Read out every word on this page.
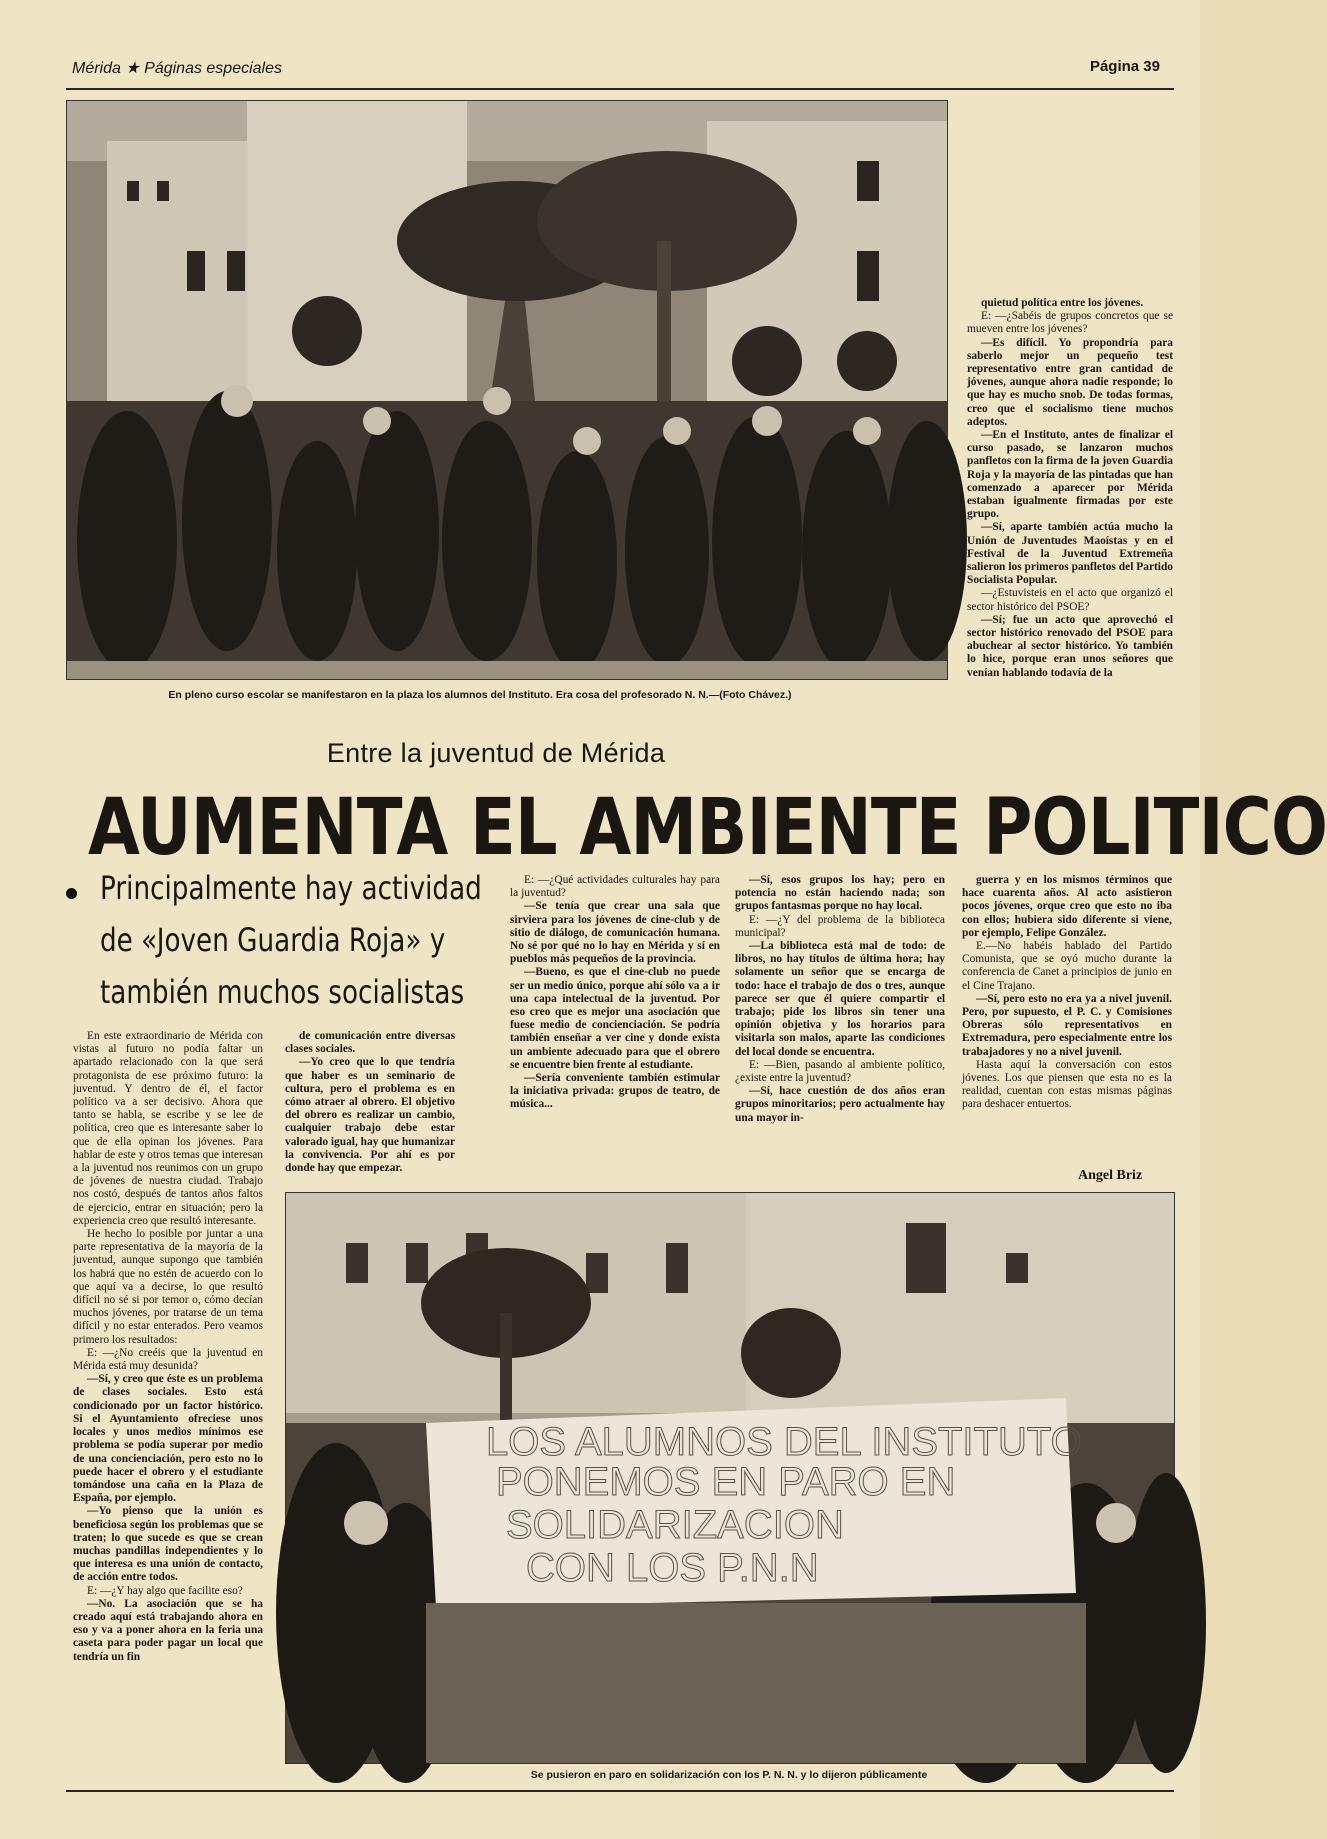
Mérida ★ Páginas especiales	Página 39
En pleno curso escolar se manifestaron en la plaza los alumnos del Instituto. Era cosa del profesorado N. N.—(Foto Chávez.)
Entre la juventud de Mérida

quietud política entre los jóvenes.

E: —¿Sabéis de grupos concretos que se mueven entre los jóvenes?

—Es difícil. Yo propondría para saberlo mejor un pequeño test representativo entre gran cantidad de jóvenes, aunque ahora nadie responde; lo que hay es mucho snob. De todas formas, creo que el socialismo tiene muchos adeptos.

—En el Instituto, antes de finalizar el curso pasado, se lanzaron muchos panfletos con la firma de la joven Guardia Roja y la mayoría de las pintadas que han comenzado a aparecer por Mérida estaban igualmente firmadas por este grupo.

—Sí, aparte también actúa mucho la Unión de Juventudes Maoístas y en el Festival de la Juventud Extremeña salieron los primeros panfletos del Partido Socialista Popular.

—¿Estuvisteis en el acto que organizó el sector histórico del PSOE?

—Sí; fue un acto que aprovechó el sector histórico renovado del PSOE para abuchear al sector histórico. Yo también lo hice, porque eran unos señores que venían hablando todavía de la

AUMENTA EL AMBIENTE POLITICO
Principalmente hay actividad
de «Joven Guardia Roja» y
también muchos socialistas

En este extraordinario de Mérida con vistas al futuro no podía faltar un apartado relacionado con la que será protagonista de ese próximo futuro: la juventud. Y dentro de él, el factor político va a ser decisivo. Ahora que tanto se habla, se escribe y se lee de política, creo que es interesante saber lo que de ella opinan los jóvenes. Para hablar de este y otros temas que interesan a la juventud nos reunimos con un grupo de jóvenes de nuestra ciudad. Trabajo nos costó, después de tantos años faltos de ejercicio, entrar en situación; pero la experiencia creo que resultó interesante.

He hecho lo posible por juntar a una parte representativa de la mayoría de la juventud, aunque supongo que también los habrá que no estén de acuerdo con lo que aquí va a decirse, lo que resultó difícil no sé si por temor o, cómo decían muchos jóvenes, por tratarse de un tema difícil y no estar enterados. Pero veamos primero los resultados:

E: —¿No creéis que la juventud en Mérida está muy desunida?

—Sí, y creo que éste es un problema de clases sociales. Esto está condicionado por un factor histórico. Si el Ayuntamiento ofreciese unos locales y unos medios mínimos ese problema se podía superar por medio de una concienciación, pero esto no lo puede hacer el obrero y el estudiante tomándose una caña en la Plaza de España, por ejemplo.

—Yo pienso que la unión es beneficiosa según los problemas que se traten; lo que sucede es que se crean muchas pandillas independientes y lo que interesa es una unión de contacto, de acción entre todos.

E: —¿Y hay algo que facilite eso?

—No. La asociación que se ha creado aquí está trabajando ahora en eso y va a poner ahora en la feria una caseta para poder pagar un local que tendría un fin

de comunicación entre diversas clases sociales.

—Yo creo que lo que tendría que haber es un seminario de cultura, pero el problema es en cómo atraer al obrero. El objetivo del obrero es realizar un cambio, cualquier trabajo debe estar valorado igual, hay que humanizar la convivencia. Por ahí es por donde hay que empezar.

E: —¿Qué actividades culturales hay para la juventud?

—Se tenía que crear una sala que sirviera para los jóvenes de cine-club y de sitio de diálogo, de comunicación humana. No sé por qué no lo hay en Mérida y sí en pueblos más pequeños de la provincia.

—Bueno, es que el cine-club no puede ser un medio único, porque ahí sólo va a ir una capa intelectual de la juventud. Por eso creo que es mejor una asociación que fuese medio de concienciación. Se podría también enseñar a ver cine y donde exista un ambiente adecuado para que el obrero se encuentre bien frente al estudiante.

—Sería conveniente también estimular la iniciativa privada: grupos de teatro, de música...

—Sí, esos grupos los hay; pero en potencia no están haciendo nada; son grupos fantasmas porque no hay local.

E: —¿Y del problema de la biblioteca municipal?

—La biblioteca está mal de todo: de libros, no hay títulos de última hora; hay solamente un señor que se encarga de todo: hace el trabajo de dos o tres, aunque parece ser que él quiere compartir el trabajo; pide los libros sin tener una opinión objetiva y los horarios para visitarla son malos, aparte las condiciones del local donde se encuentra.

E: —Bien, pasando al ambiente político, ¿existe entre la juventud?

—Sí, hace cuestión de dos años eran grupos minoritarios; pero actualmente hay una mayor in-

guerra y en los mismos términos que hace cuarenta años. Al acto asistieron pocos jóvenes, orque creo que esto no iba con ellos; hubiera sido diferente si viene, por ejemplo, Felipe González.

E.—No habéis hablado del Partido Comunista, que se oyó mucho durante la conferencia de Canet a principios de junio en el Cine Trajano.

—Sí, pero esto no era ya a nivel juvenil. Pero, por supuesto, el P. C. y Comisiones Obreras sólo representativos en Extremadura, pero especialmente entre los trabajadores y no a nivel juvenil.

Hasta aquí la conversación con estos jóvenes. Los que piensen que esta no es la realidad, cuentan con estas mismas páginas para deshacer entuertos.

Angel Briz
LOS ALUMNOS DEL INSTITUTO
PONEMOS EN PARO EN
SOLIDARIZACION
CON LOS P.N.N
Se pusieron en paro en solidarización con los P. N. N. y lo dijeron públicamente
